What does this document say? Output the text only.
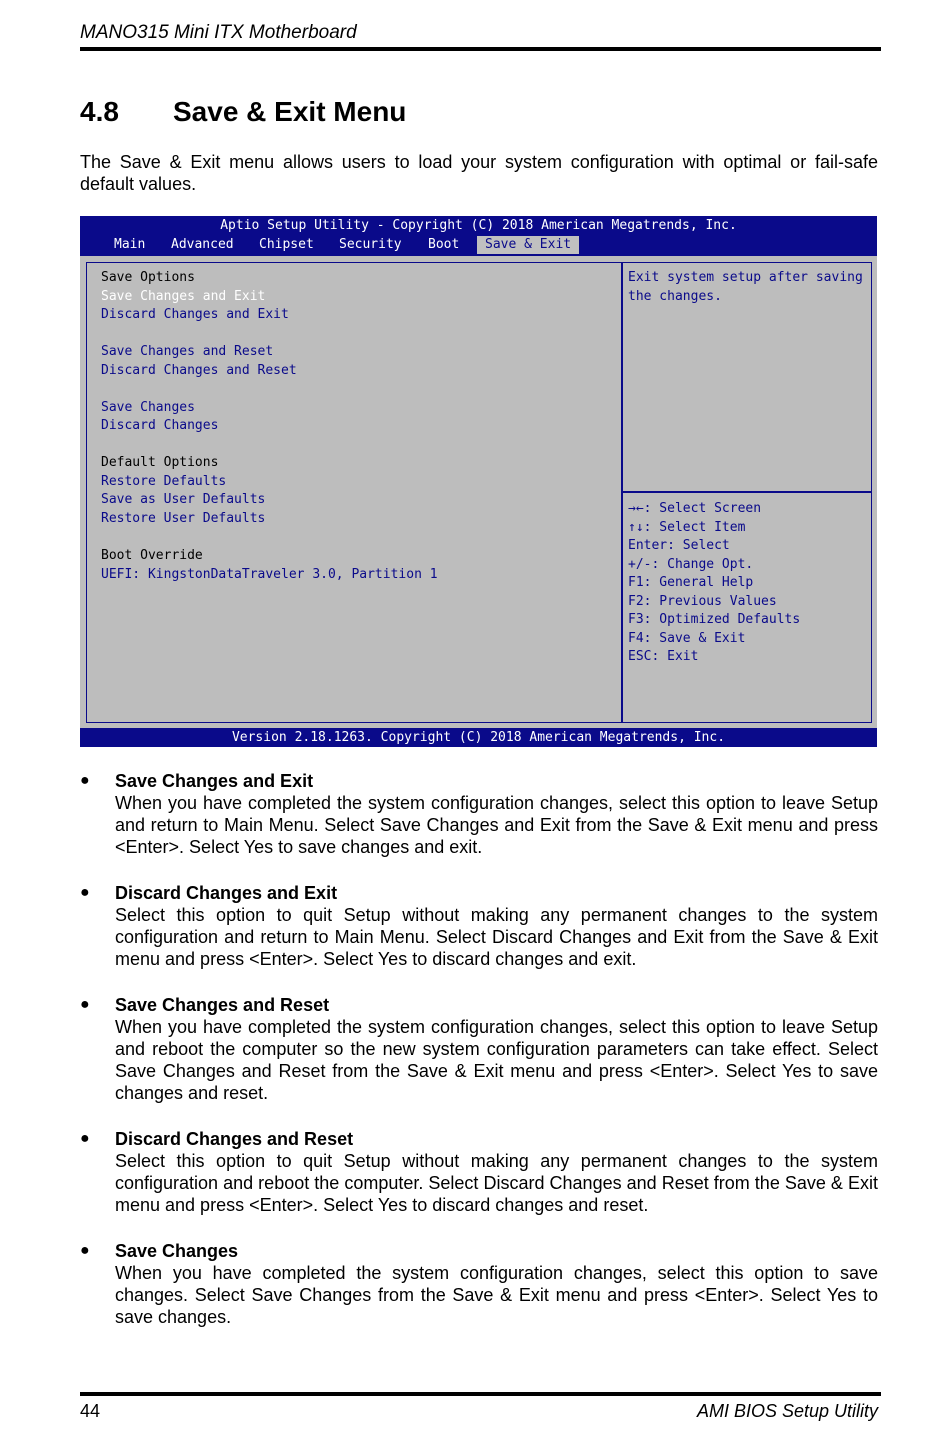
MANO315 Mini ITX Motherboard
4.8 Save & Exit Menu
The Save & Exit menu allows users to load your system configuration with optimal or fail-safe default values.
Aptio Setup Utility - Copyright (C) 2018 American Megatrends, Inc.
Main Advanced Chipset Security Boot	Save & Exit
Save Options
Save Changes and Exit
Discard Changes and Exit
Save Changes and Reset
Discard Changes and Reset
Save Changes
Discard Changes
Default Options
Restore Defaults
Save as User Defaults
Restore User Defaults
Boot Override
UEFI: KingstonDataTraveler 3.0, Partition 1
Exit system setup after saving
the changes.
→←: Select Screen
↑↓: Select Item
Enter: Select
+/-: Change Opt.
F1: General Help
F2: Previous Values
F3: Optimized Defaults
F4: Save & Exit
ESC: Exit
Version 2.18.1263. Copyright (C) 2018 American Megatrends, Inc.
● Save Changes and Exit
When you have completed the system configuration changes, select this option to leave Setup and return to Main Menu. Select Save Changes and Exit from the Save & Exit menu and press <Enter>. Select Yes to save changes and exit.
● Discard Changes and Exit
Select this option to quit Setup without making any permanent changes to the system configuration and return to Main Menu. Select Discard Changes and Exit from the Save & Exit menu and press <Enter>. Select Yes to discard changes and exit.
● Save Changes and Reset
When you have completed the system configuration changes, select this option to leave Setup and reboot the computer so the new system configuration parameters can take effect. Select Save Changes and Reset from the Save & Exit menu and press <Enter>. Select Yes to save changes and reset.
● Discard Changes and Reset
Select this option to quit Setup without making any permanent changes to the system configuration and reboot the computer. Select Discard Changes and Reset from the Save & Exit menu and press <Enter>. Select Yes to discard changes and reset.
● Save Changes
When you have completed the system configuration changes, select this option to save changes. Select Save Changes from the Save & Exit menu and press <Enter>. Select Yes to save changes.
44	AMI BIOS Setup Utility
